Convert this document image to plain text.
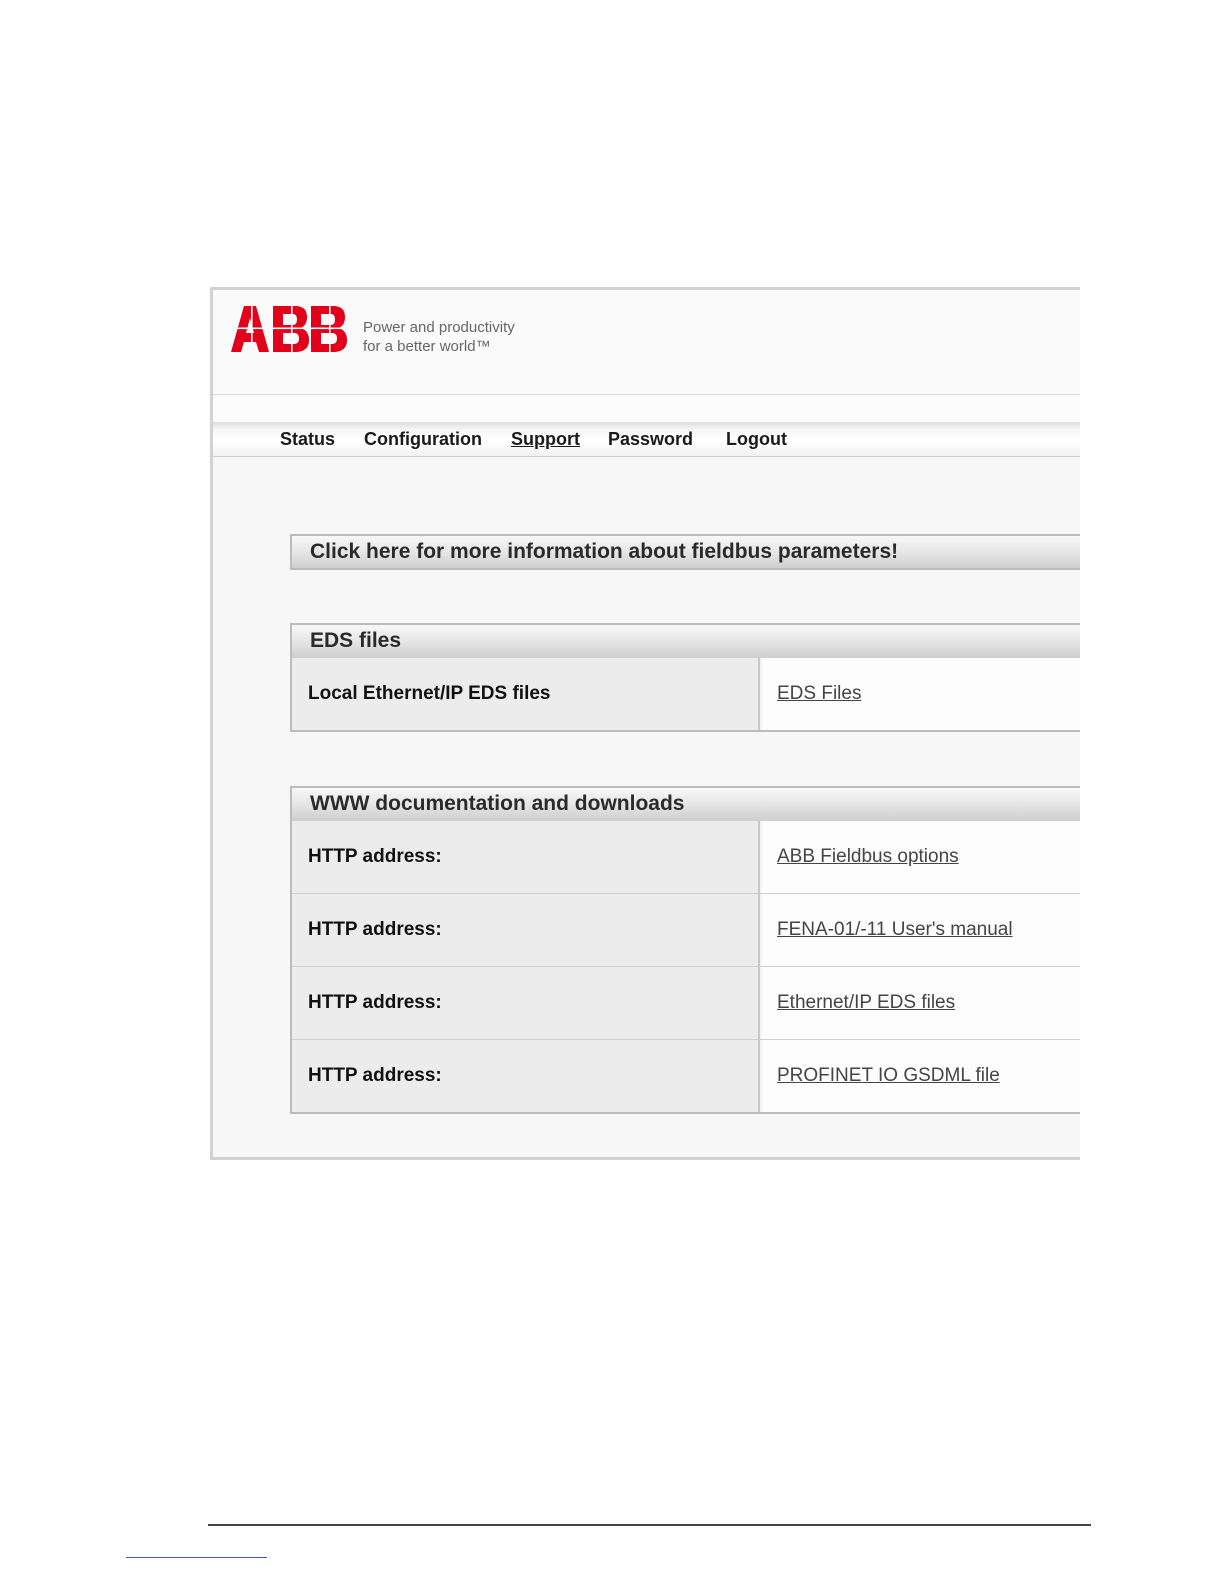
Power and productivity
for a better world™
Status Configuration Support Password Logout
Click here for more information about fieldbus parameters!
EDS files
Local Ethernet/IP EDS files	EDS Files
WWW documentation and downloads
HTTP address:	ABB Fieldbus options
HTTP address:	FENA-01/-11 User's manual
HTTP address:	Ethernet/IP EDS files
HTTP address:	PROFINET IO GSDML file
